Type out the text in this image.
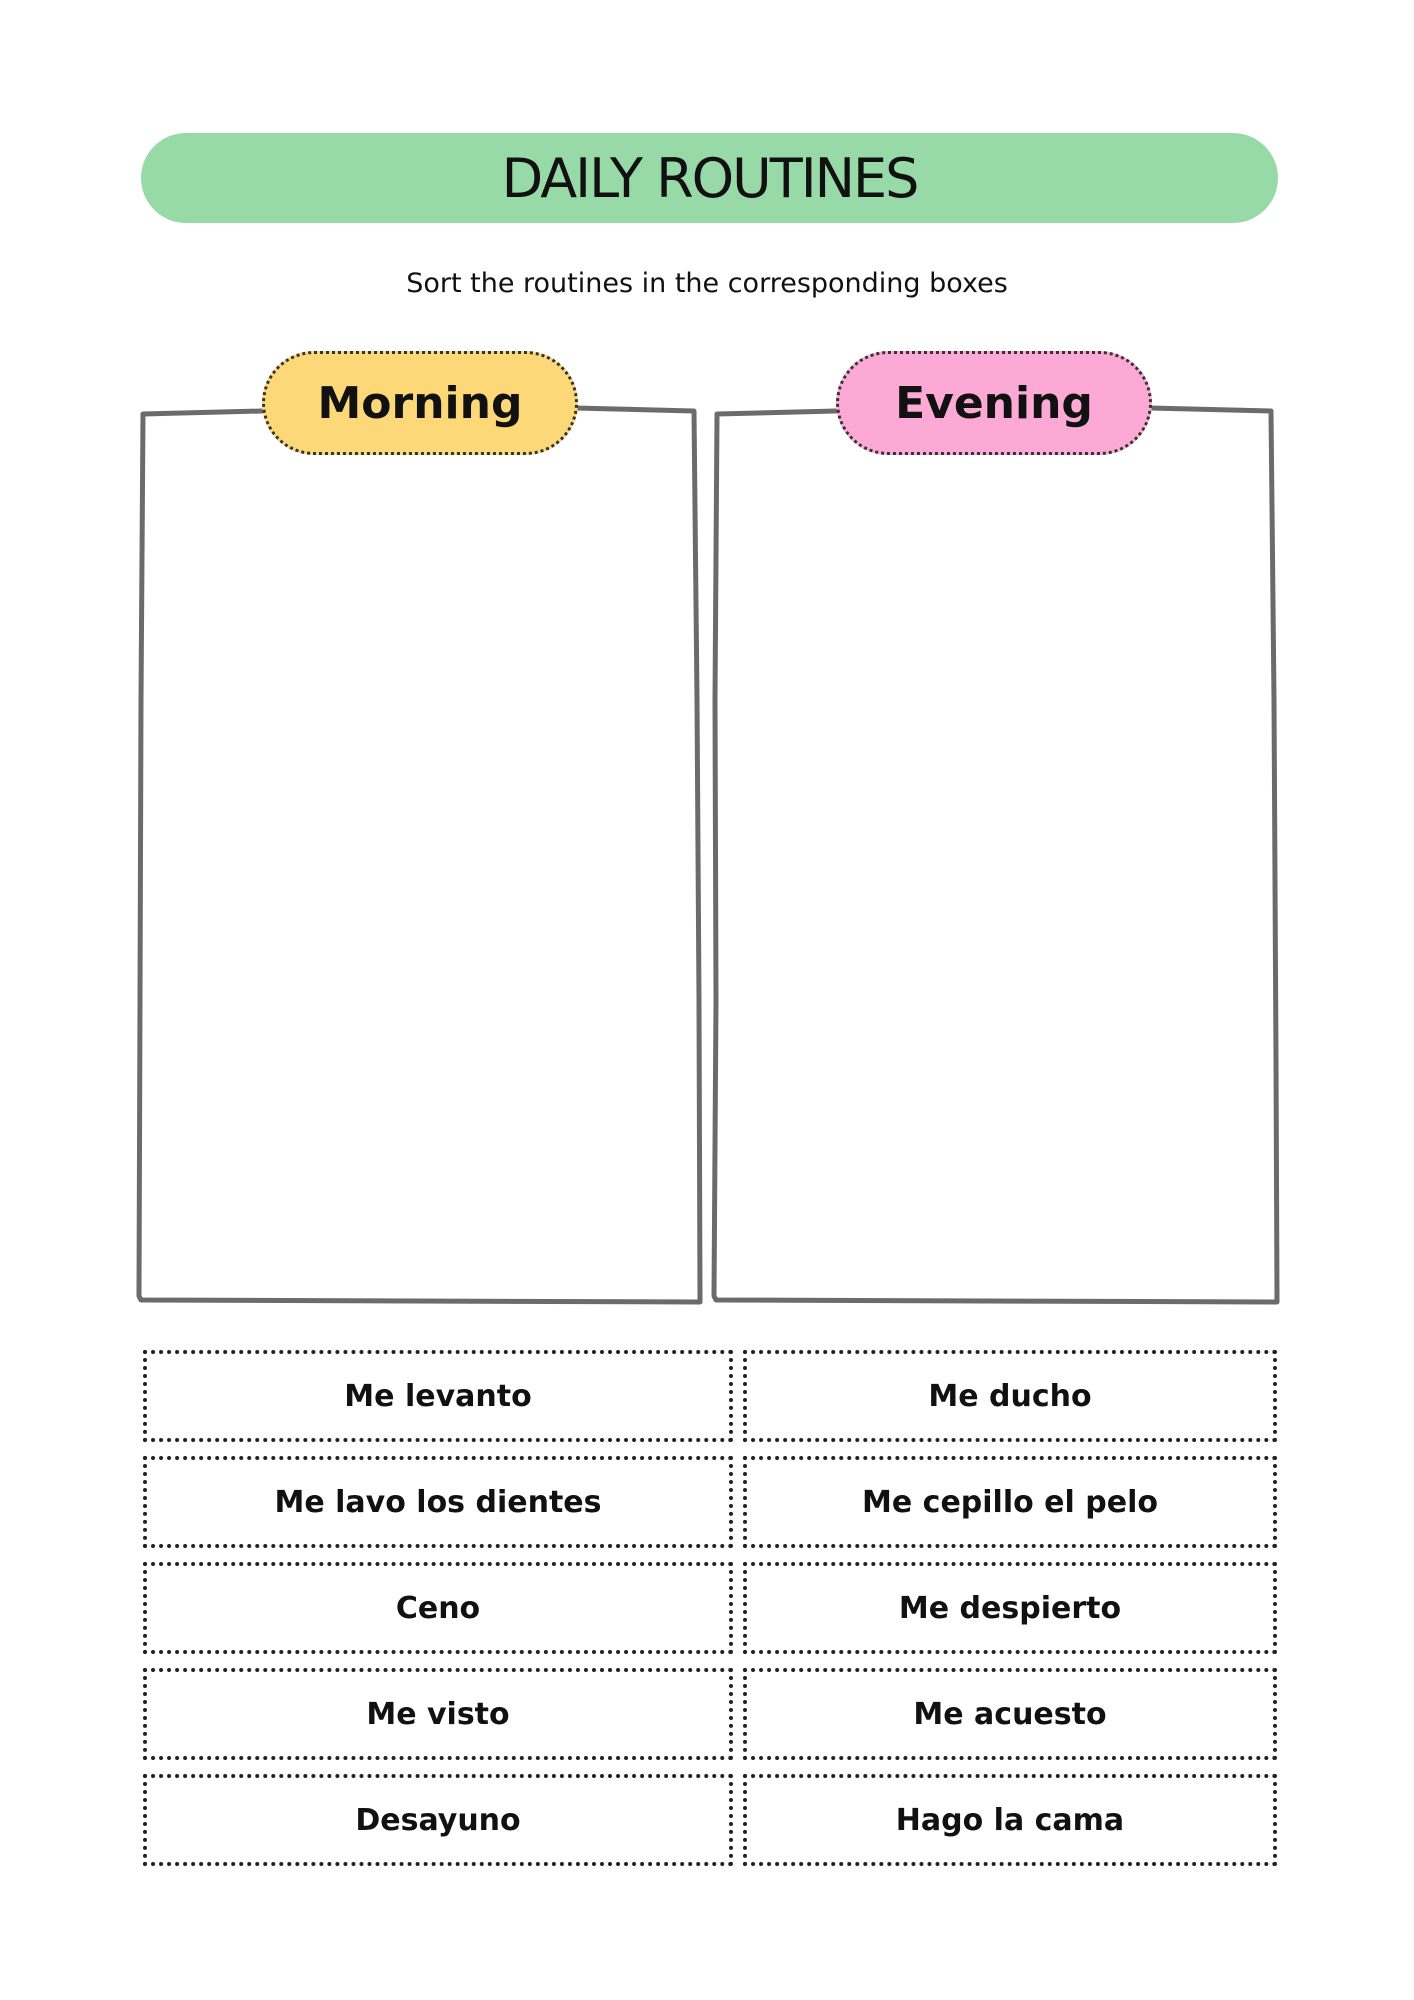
DAILY ROUTINES
Sort the routines in the corresponding boxes
Morning	Evening
Me levanto	Me ducho
Me lavo los dientes	Me cepillo el pelo
Ceno	Me despierto
Me visto	Me acuesto
Desayuno	Hago la cama
